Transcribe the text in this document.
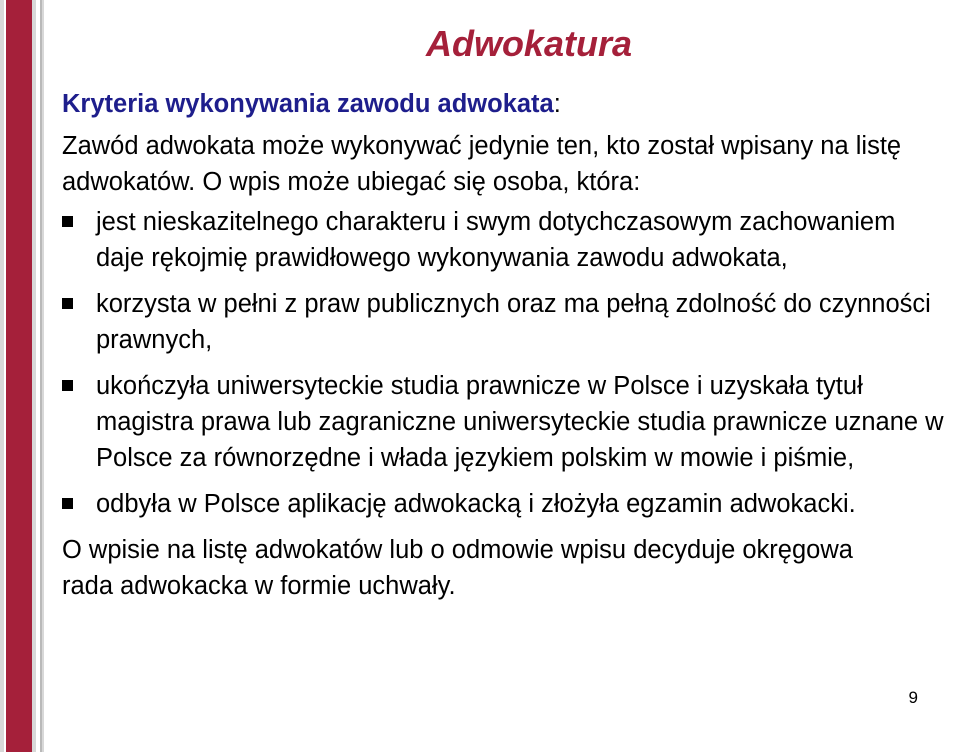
Adwokatura

Kryteria wykonywania zawodu adwokata:

Zawód adwokata może wykonywać jedynie ten, kto został wpisany na listę adwokatów. O wpis może ubiegać się osoba, która:

jest nieskazitelnego charakteru i swym dotychczasowym zachowaniem daje rękojmię prawidłowego wykonywania zawodu adwokata,
korzysta w pełni z praw publicznych oraz ma pełną zdolność do czynności prawnych,
ukończyła uniwersyteckie studia prawnicze w Polsce i uzyskała tytuł magistra prawa lub zagraniczne uniwersyteckie studia prawnicze uznane w Polsce za równorzędne i włada językiem polskim w mowie i piśmie,
odbyła w Polsce aplikację adwokacką i złożyła egzamin adwokacki.

O wpisie na listę adwokatów lub o odmowie wpisu decyduje okręgowa rada adwokacka w formie uchwały.

9
